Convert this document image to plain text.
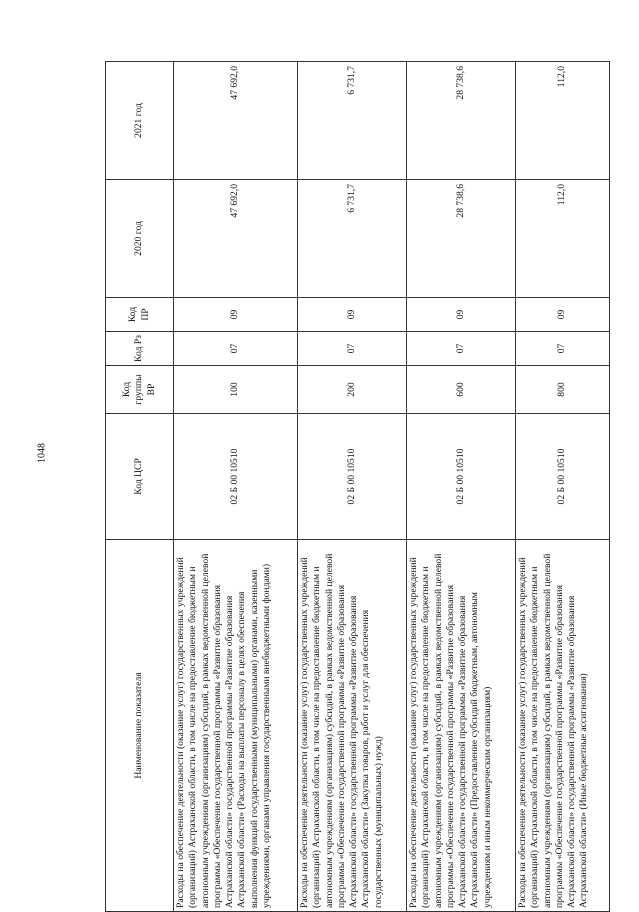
1048
Наименование показателя	Код ЦСР	Код группы ВР	Код Рз	Код ПР	2020 год	2021 год
Расходы на обеспечение деятельности (оказание услуг) государственных учреждений (организаций) Астраханской области, в том числе на предоставление бюджетным и автономным учреждениям (организациям) субсидий, в рамках ведомственной целевой программы «Обеспечение государственной программы «Развитие образования Астраханской области» государственной программы «Развитие образования Астраханской области» (Расходы на выплаты персоналу в целях обеспечения выполнения функций государственными (муниципальными) органами, казенными учреждениями, органами управления государственными внебюджетными фондами)	02 Б 00 10510	100	07	09	47 692,0	47 692,0
Расходы на обеспечение деятельности (оказание услуг) государственных учреждений (организаций) Астраханской области, в том числе на предоставление бюджетным и автономным учреждениям (организациям) субсидий, в рамках ведомственной целевой программы «Обеспечение государственной программы «Развитие образования Астраханской области» государственной программы «Развитие образования Астраханской области» (Закупка товаров, работ и услуг для обеспечения государственных (муниципальных) нужд)	02 Б 00 10510	200	07	09	6 731,7	6 731,7
Расходы на обеспечение деятельности (оказание услуг) государственных учреждений (организаций) Астраханской области, в том числе на предоставление бюджетным и автономным учреждениям (организациям) субсидий, в рамках ведомственной целевой программы «Обеспечение государственной программы «Развитие образования Астраханской области» государственной программы «Развитие образования Астраханской области» (Предоставление субсидий бюджетным, автономным учреждениям и иным некоммерческим организациям)	02 Б 00 10510	600	07	09	28 738,6	28 738,6
Расходы на обеспечение деятельности (оказание услуг) государственных учреждений (организаций) Астраханской области, в том числе на предоставление бюджетным и автономным учреждениям (организациям) субсидий, в рамках ведомственной целевой программы «Обеспечение государственной программы «Развитие образования Астраханской области» государственной программы «Развитие образования Астраханской области» (Иные бюджетные ассигнования)	02 Б 00 10510	800	07	09	112,0	112,0
